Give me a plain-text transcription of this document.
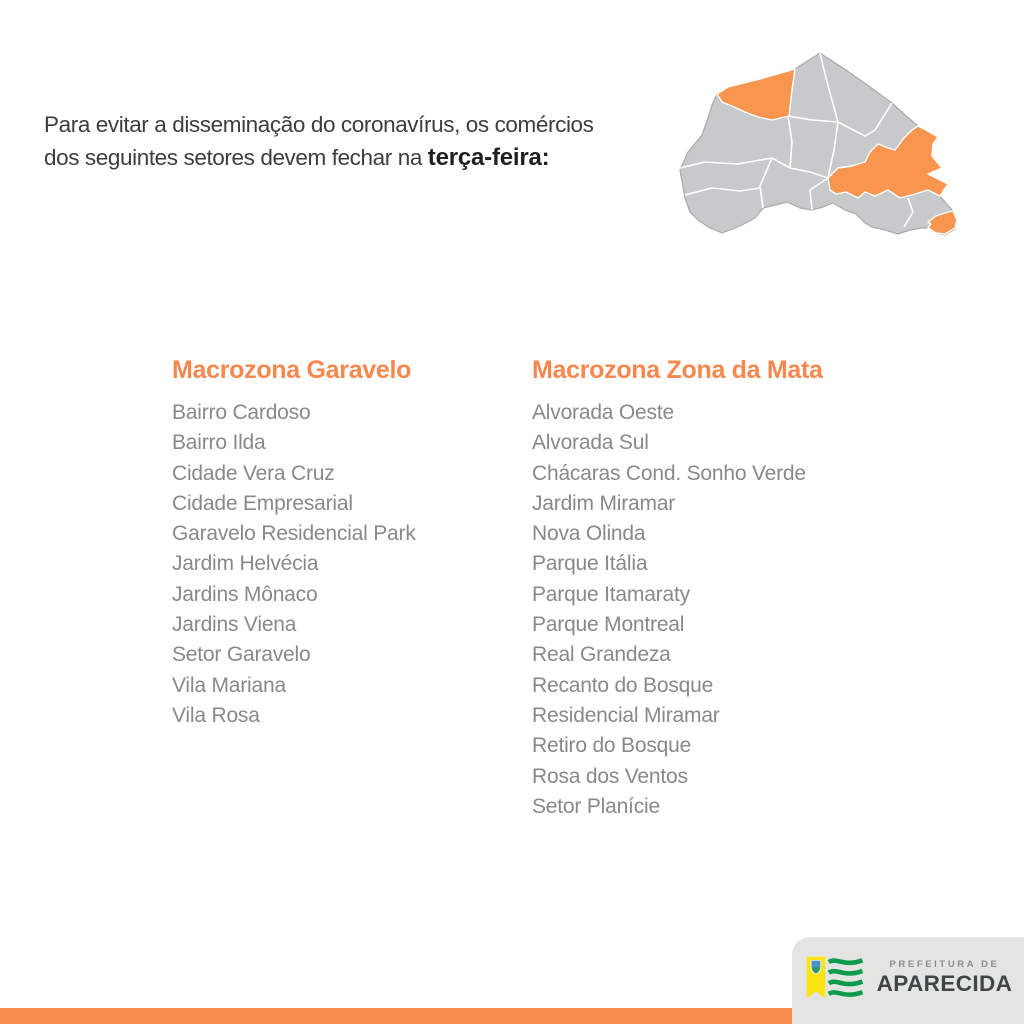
Para evitar a disseminação do coronavírus, os comércios
dos seguintes setores devem fechar na terça-feira:

Macrozona Garavelo
Bairro Cardoso
Bairro Ilda
Cidade Vera Cruz
Cidade Empresarial
Garavelo Residencial Park
Jardim Helvécia
Jardins Mônaco
Jardins Viena
Setor Garavelo
Vila Mariana
Vila Rosa
Macrozona Zona da Mata
Alvorada Oeste
Alvorada Sul
Chácaras Cond. Sonho Verde
Jardim Miramar
Nova Olinda
Parque Itália
Parque Itamaraty
Parque Montreal
Real Grandeza
Recanto do Bosque
Residencial Miramar
Retiro do Bosque
Rosa dos Ventos
Setor Planície
PREFEITURA DE
APARECIDA
